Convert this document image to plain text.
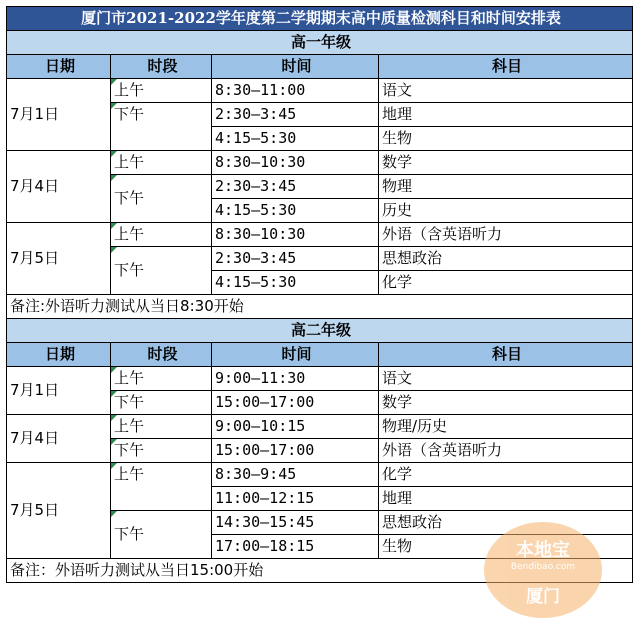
厦门市2021-2022学年度第二学期期末高中质量检测科目和时间安排表			
高一年级			
日期	时段	时间	科目
7月1日	上午	8:30—11:00	语文

下午	2:30—3:45	地理
		4:15—5:30	生物
7月4日	上午	8:30—10:30	数学

下午	2:30—3:45	物理
		4:15—5:30	历史
7月5日	上午	8:30—10:30	外语（含英语听力

下午	2:30—3:45	思想政治
		4:15—5:30	化学
备注:外语听力测试从当日8:30开始			
高二年级			
日期	时段	时间	科目
7月1日	上午	9:00—11:30	语文

下午	15:00—17:00	数学
7月4日	上午	9:00—10:15	物理/历史

下午	15:00—17:00	外语（含英语听力
7月5日	上午	8:30—9:45	化学
		11:00—12:15	地理

下午	14:30—15:45	思想政治
		17:00—18:15	生物
备注：外语听力测试从当日15:00开始			
本地宝
Bendibao.com
厦门
